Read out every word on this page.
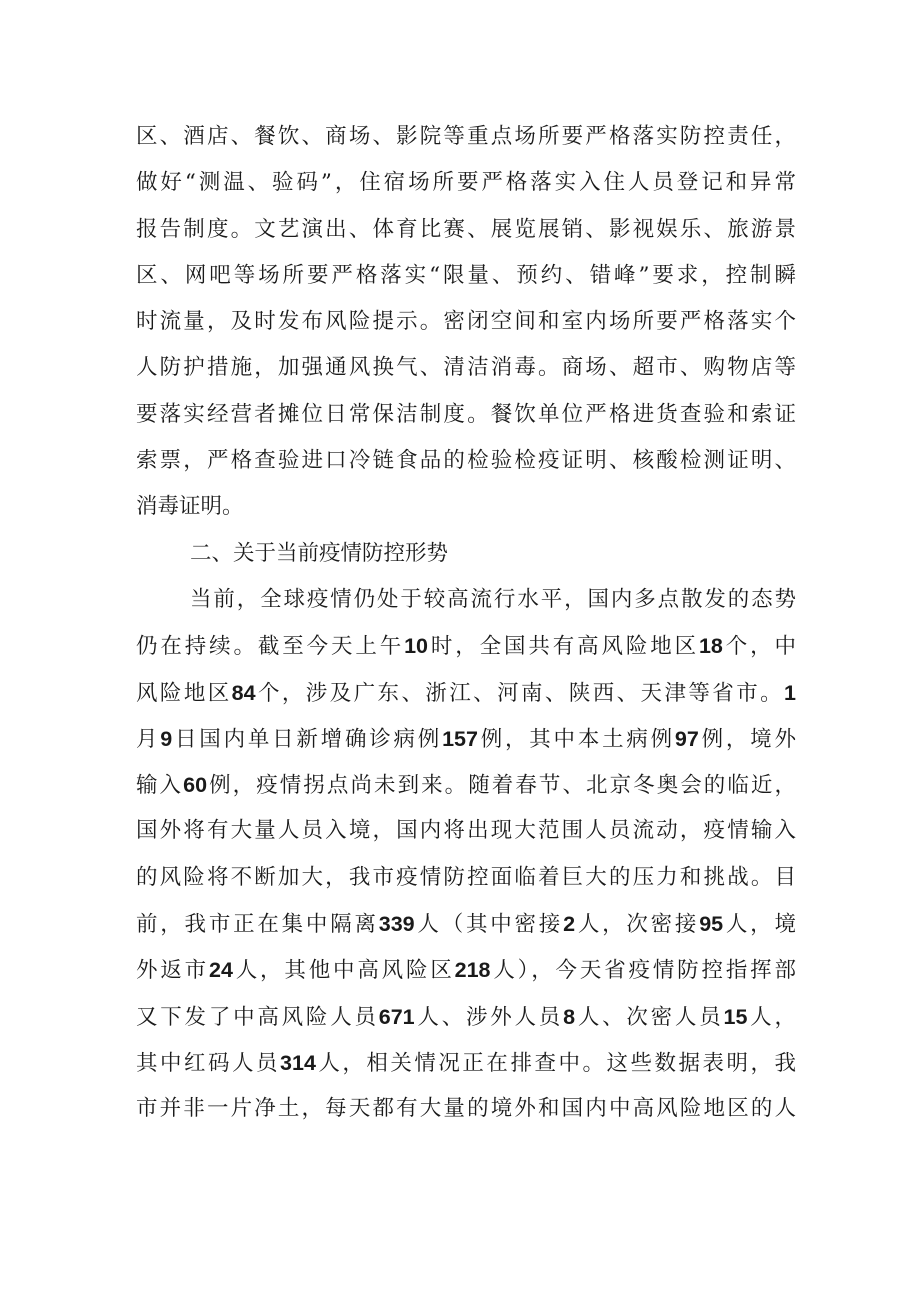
区、酒店、餐饮、商场、影院等重点场所要严格落实防控责任，
做好“测温、验码”，住宿场所要严格落实入住人员登记和异常
报告制度。文艺演出、体育比赛、展览展销、影视娱乐、旅游景
区、网吧等场所要严格落实“限量、预约、错峰”要求，控制瞬
时流量，及时发布风险提示。密闭空间和室内场所要严格落实个
人防护措施，加强通风换气、清洁消毒。商场、超市、购物店等
要落实经营者摊位日常保洁制度。餐饮单位严格进货查验和索证
索票，严格查验进口冷链食品的检验检疫证明、核酸检测证明、
消毒证明。
二、关于当前疫情防控形势
当前，全球疫情仍处于较高流行水平，国内多点散发的态势
仍在持续。截至今天上午10时，全国共有高风险地区18个，中
风险地区84个，涉及广东、浙江、河南、陕西、天津等省市。1
月9日国内单日新增确诊病例157例，其中本土病例97例，境外
输入60例，疫情拐点尚未到来。随着春节、北京冬奥会的临近，
国外将有大量人员入境，国内将出现大范围人员流动，疫情输入
的风险将不断加大，我市疫情防控面临着巨大的压力和挑战。目
前，我市正在集中隔离339人（其中密接2人，次密接95人，境
外返市24人，其他中高风险区218人），今天省疫情防控指挥部
又下发了中高风险人员671人、涉外人员8人、次密人员15人，
其中红码人员314人，相关情况正在排查中。这些数据表明，我
市并非一片净土，每天都有大量的境外和国内中高风险地区的人
